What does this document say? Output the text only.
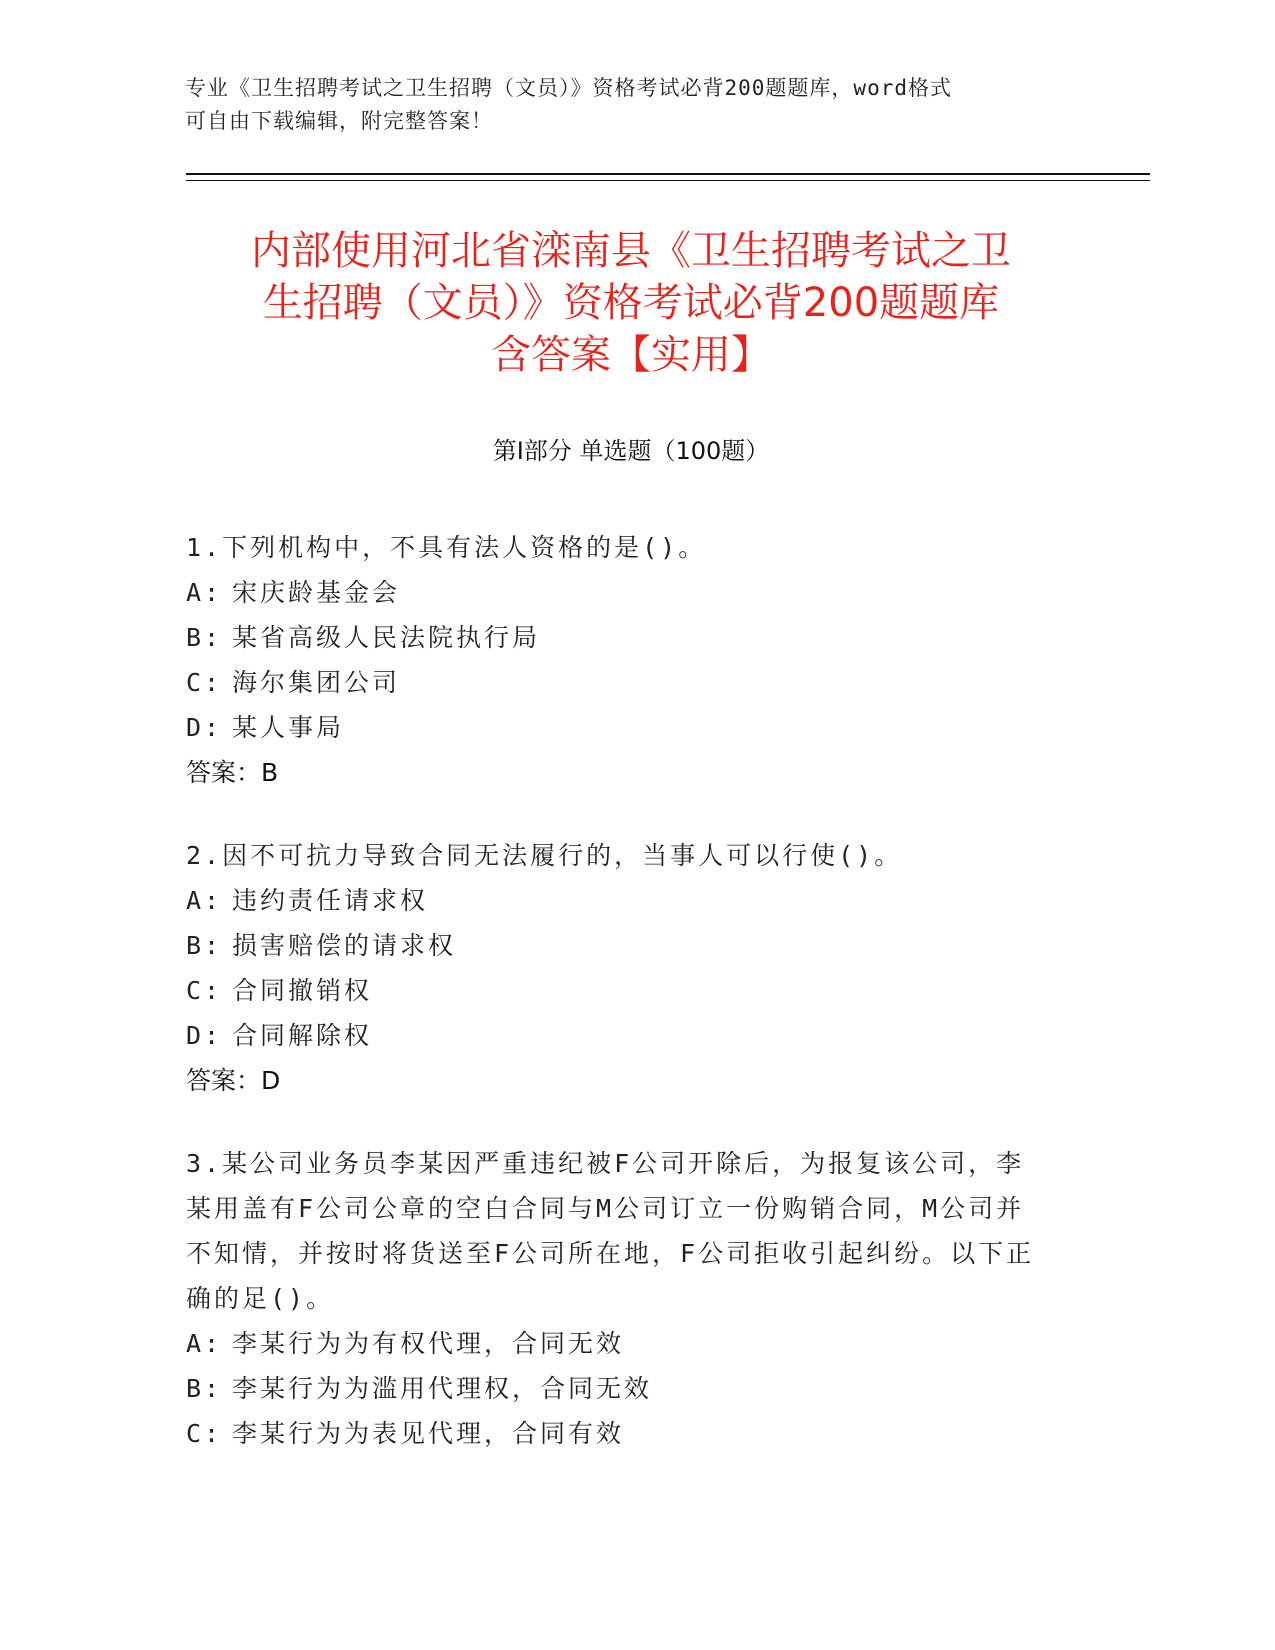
专业《卫生招聘考试之卫生招聘（文员）》资格考试必背200题题库，word格式
可自由下载编辑，附完整答案！
内部使用河北省滦南县《卫生招聘考试之卫
生招聘（文员）》资格考试必背200题题库
含答案【实用】
第Ⅰ部分 单选题（100题）
1.下列机构中，不具有法人资格的是()。
A: 宋庆龄基金会
B: 某省高级人民法院执行局
C: 海尔集团公司
D: 某人事局
答案：B
2.因不可抗力导致合同无法履行的，当事人可以行使()。
A: 违约责任请求权
B: 损害赔偿的请求权
C: 合同撤销权
D: 合同解除权
答案：D
3.某公司业务员李某因严重违纪被F公司开除后，为报复该公司，李
某用盖有F公司公章的空白合同与M公司订立一份购销合同，M公司并
不知情，并按时将货送至F公司所在地，F公司拒收引起纠纷。以下正
确的足()。
A: 李某行为为有权代理，合同无效
B: 李某行为为滥用代理权，合同无效
C: 李某行为为表见代理，合同有效
